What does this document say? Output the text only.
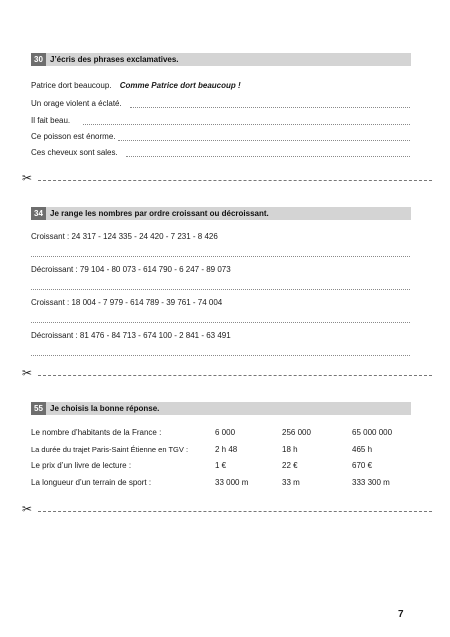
30 J’écris des phrases exclamatives.
Patrice dort beaucoup. Comme Patrice dort beaucoup !
Un orage violent a éclaté.
Il fait beau.
Ce poisson est énorme.
Ces cheveux sont sales.
✂
34 Je range les nombres par ordre croissant ou décroissant.
Croissant : 24 317 - 124 335 - 24 420 - 7 231 - 8 426
Décroissant : 79 104 - 80 073 - 614 790 - 6 247 - 89 073
Croissant : 18 004 - 7 979 - 614 789 - 39 761 - 74 004
Décroissant : 81 476 - 84 713 - 674 100 - 2 841 - 63 491
✂
55 Je choisis la bonne réponse.
Le nombre d’habitants de la France :	6 000	256 000	65 000 000
La durée du trajet Paris-Saint Étienne en TGV :	2 h 48	18 h	465 h
Le prix d’un livre de lecture :	1 €	22 €	670 €
La longueur d’un terrain de sport :	33 000 m	33 m	333 300 m
✂
7
